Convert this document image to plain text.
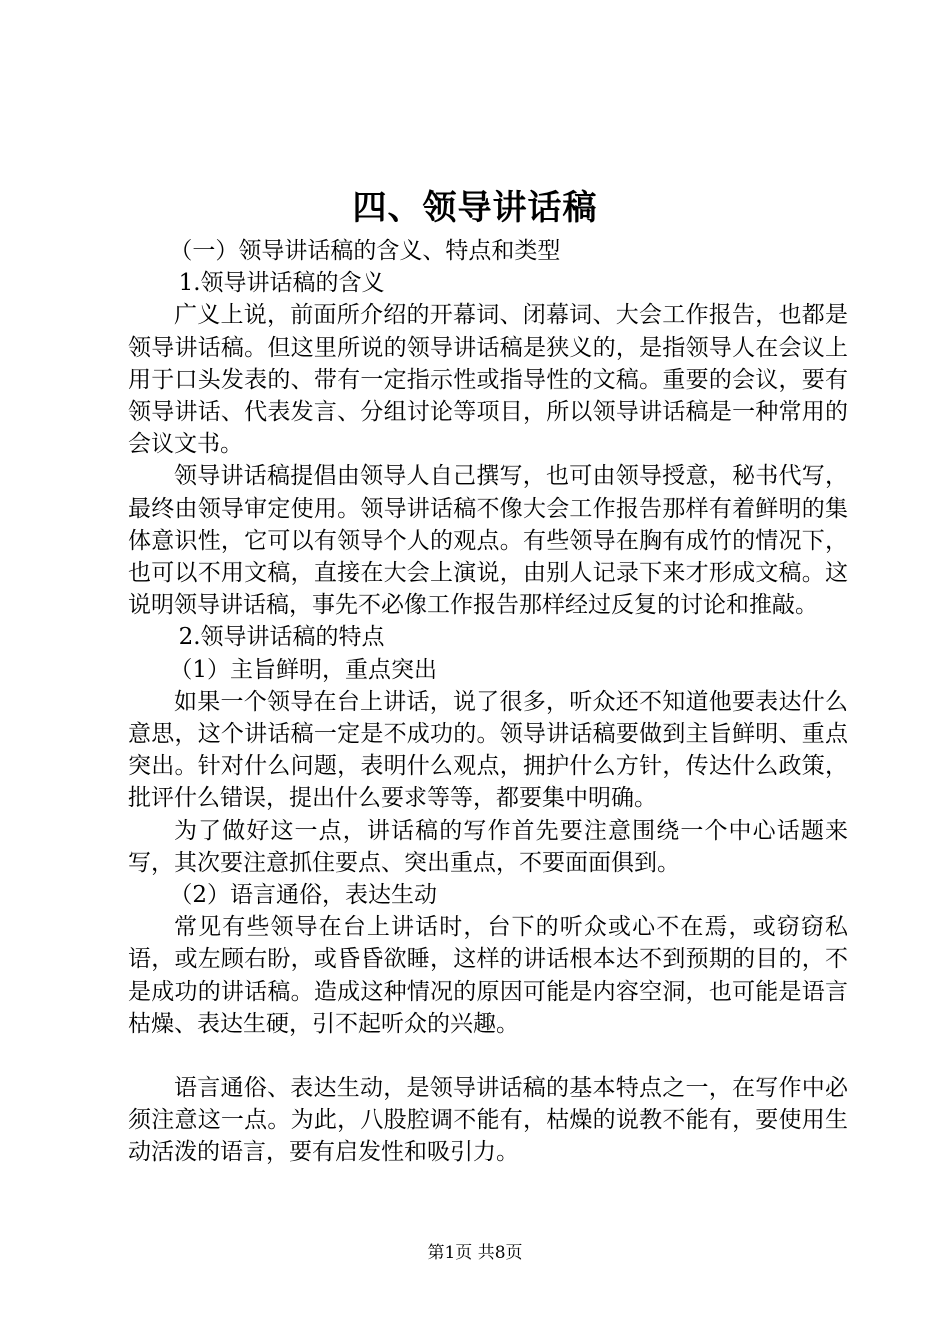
四、领导讲话稿
（一）领导讲话稿的含义、特点和类型
1.领导讲话稿的含义

广义上说，前面所介绍的开幕词、闭幕词、大会工作报告，也都是领导讲话稿。但这里所说的领导讲话稿是狭义的，是指领导人在会议上用于口头发表的、带有一定指示性或指导性的文稿。重要的会议，要有领导讲话、代表发言、分组讨论等项目，所以领导讲话稿是一种常用的会议文书。

领导讲话稿提倡由领导人自己撰写，也可由领导授意，秘书代写，最终由领导审定使用。领导讲话稿不像大会工作报告那样有着鲜明的集体意识性，它可以有领导个人的观点。有些领导在胸有成竹的情况下，也可以不用文稿，直接在大会上演说，由别人记录下来才形成文稿。这说明领导讲话稿，事先不必像工作报告那样经过反复的讨论和推敲。

2.领导讲话稿的特点
（1）主旨鲜明，重点突出

如果一个领导在台上讲话，说了很多，听众还不知道他要表达什么意思，这个讲话稿一定是不成功的。领导讲话稿要做到主旨鲜明、重点突出。针对什么问题，表明什么观点，拥护什么方针，传达什么政策，批评什么错误，提出什么要求等等，都要集中明确。

为了做好这一点，讲话稿的写作首先要注意围绕一个中心话题来写，其次要注意抓住要点、突出重点，不要面面俱到。

（2）语言通俗，表达生动

常见有些领导在台上讲话时，台下的听众或心不在焉，或窃窃私语，或左顾右盼，或昏昏欲睡，这样的讲话根本达不到预期的目的，不是成功的讲话稿。造成这种情况的原因可能是内容空洞，也可能是语言枯燥、表达生硬，引不起听众的兴趣。

语言通俗、表达生动，是领导讲话稿的基本特点之一，在写作中必须注意这一点。为此，八股腔调不能有，枯燥的说教不能有，要使用生动活泼的语言，要有启发性和吸引力。

第1页 共8页
